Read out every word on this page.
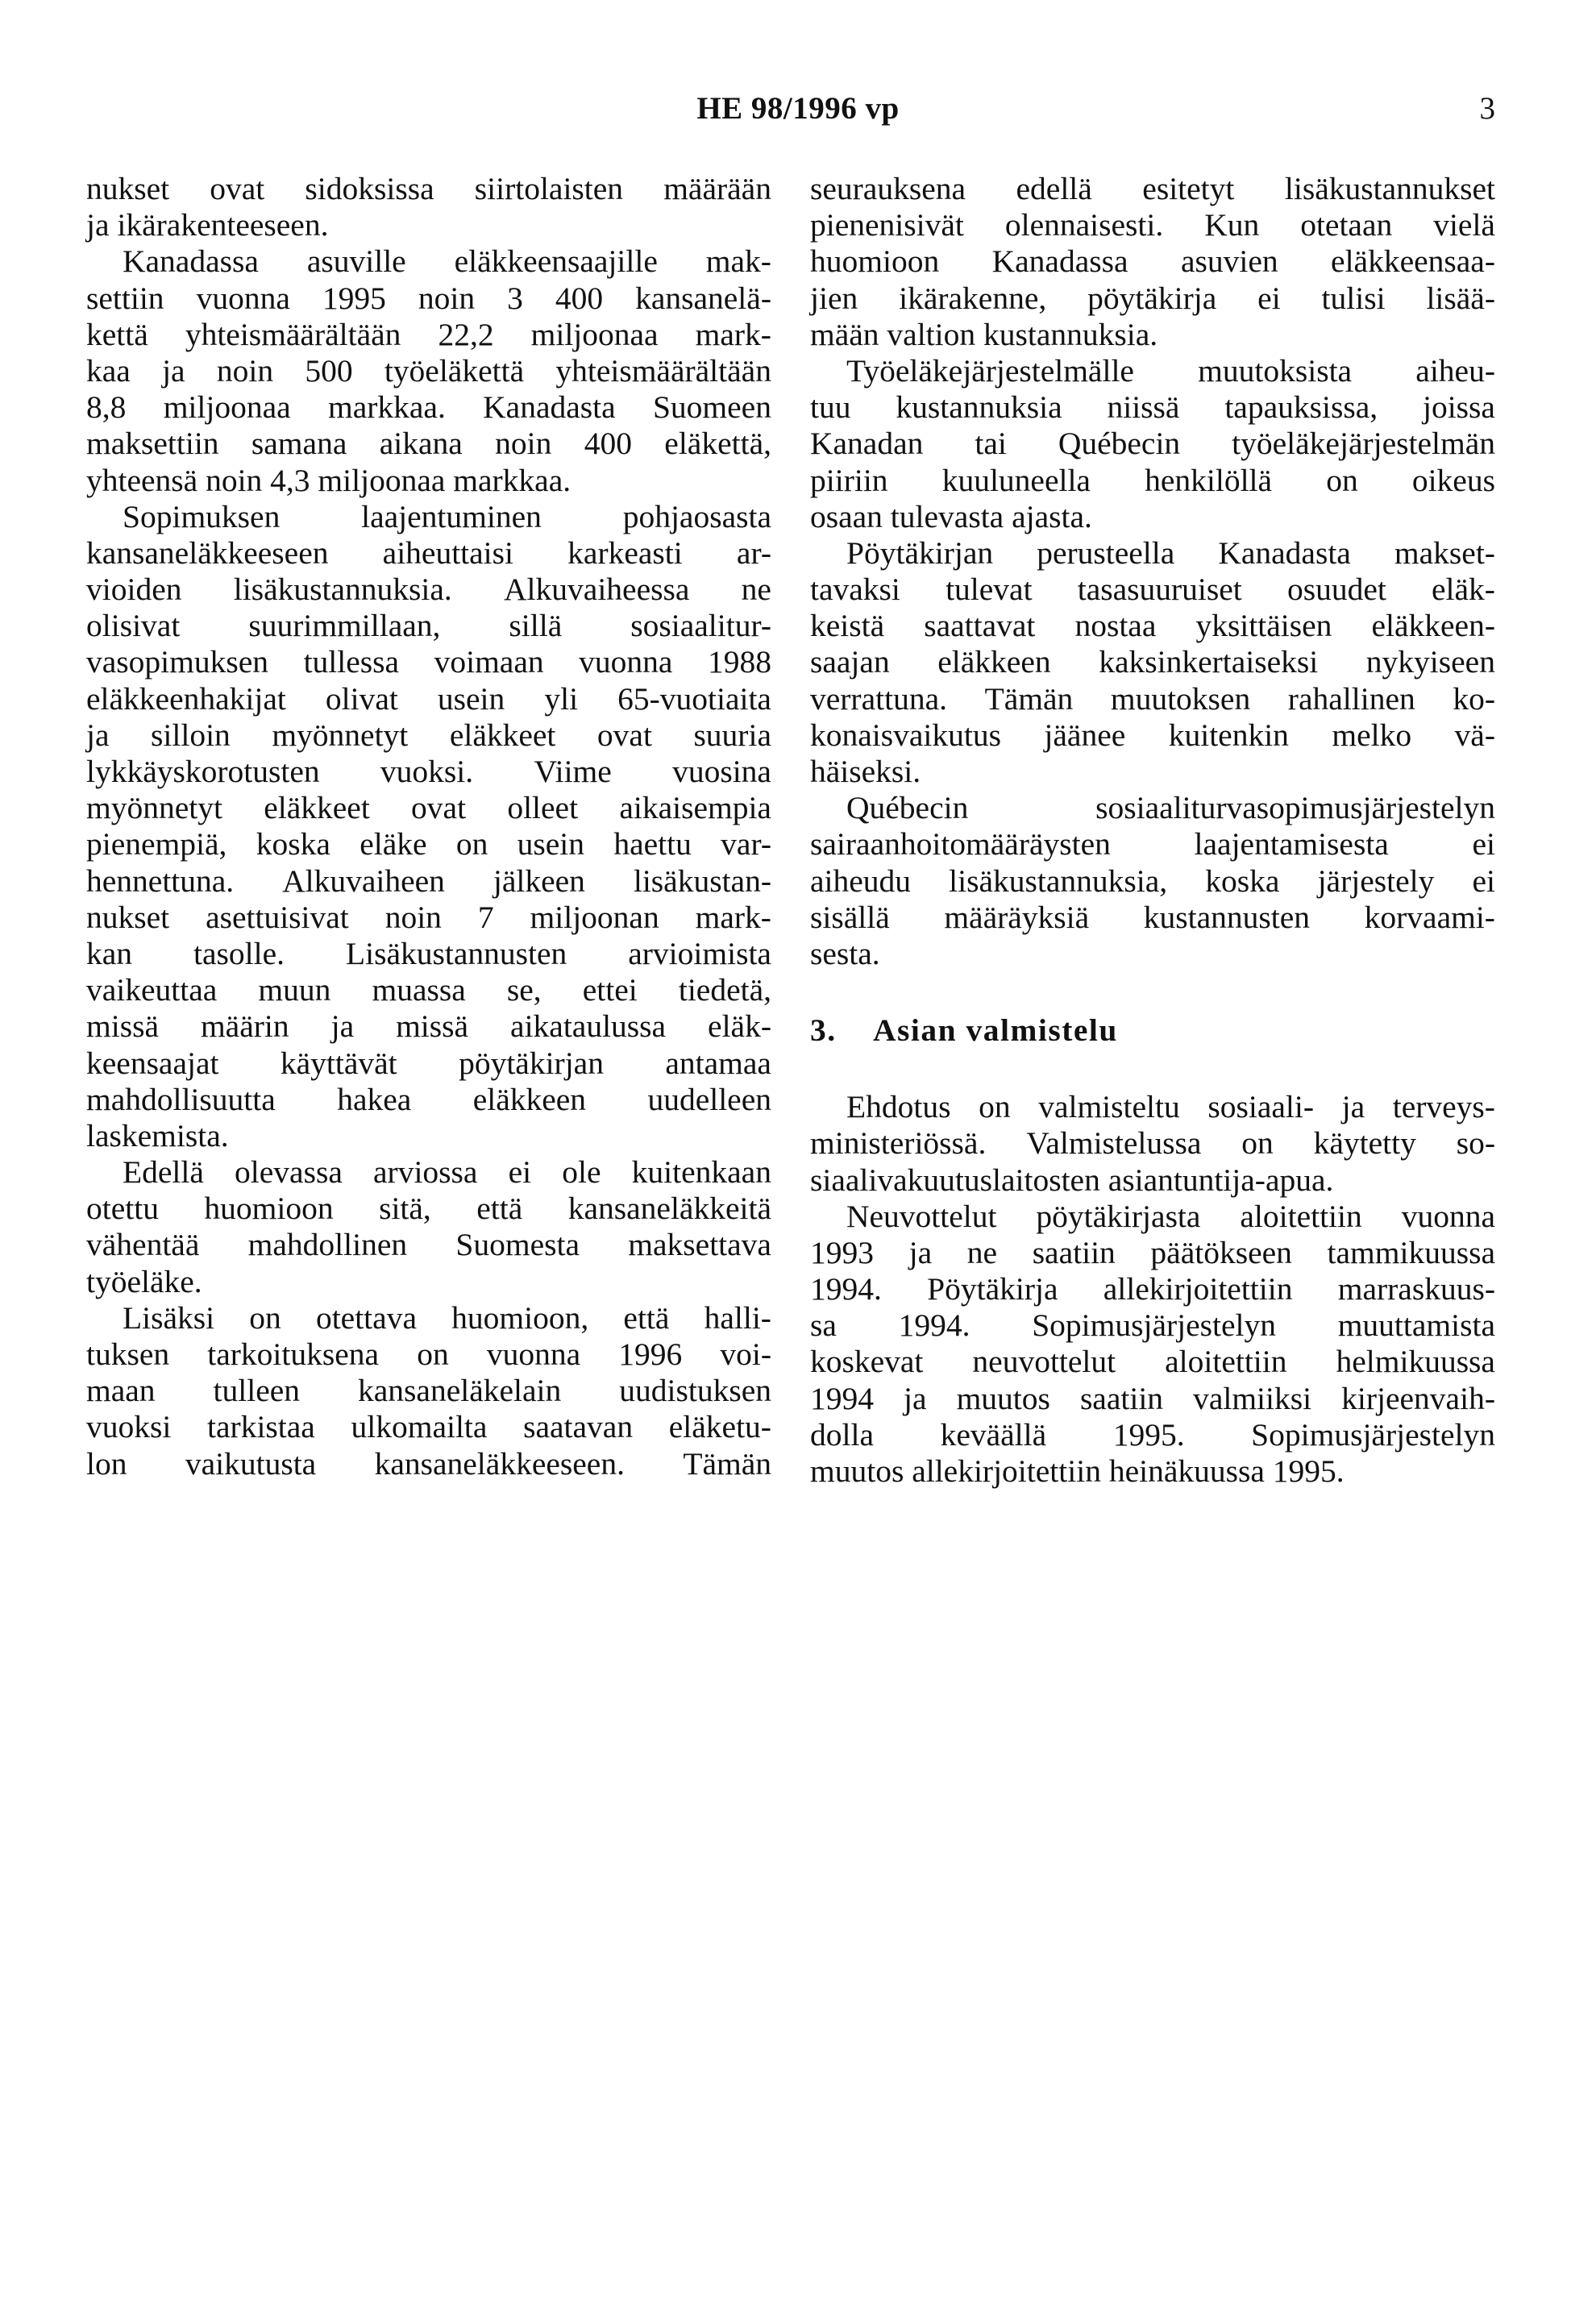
HE 98/1996 vp	3
nukset ovat sidoksissa siirtolaisten määrään
ja ikärakenteeseen.
Kanadassa asuville eläkkeensaajille mak-
settiin vuonna 1995 noin 3 400 kansanelä-
kettä yhteismäärältään 22,2 miljoonaa mark-
kaa ja noin 500 työeläkettä yhteismäärältään
8,8 miljoonaa markkaa. Kanadasta Suomeen
maksettiin samana aikana noin 400 eläkettä,
yhteensä noin 4,3 miljoonaa markkaa.
Sopimuksen	laajentuminen	pohjaosasta
kansaneläkkeeseen aiheuttaisi karkeasti ar-
vioiden lisäkustannuksia. Alkuvaiheessa ne
olisivat suurimmillaan, sillä sosiaalitur-
vasopimuksen tullessa voimaan vuonna 1988
eläkkeenhakijat olivat usein yli 65-vuotiaita
ja silloin myönnetyt eläkkeet ovat suuria
lykkäyskorotusten vuoksi. Viime vuosina
myönnetyt eläkkeet ovat olleet aikaisempia
pienempiä, koska eläke on usein haettu var-
hennettuna. Alkuvaiheen jälkeen lisäkustan-
nukset asettuisivat noin 7 miljoonan mark-
kan tasolle. Lisäkustannusten arvioimista
vaikeuttaa muun muassa se, ettei tiedetä,
missä määrin ja missä aikataulussa eläk-
keensaajat käyttävät pöytäkirjan antamaa
mahdollisuutta hakea eläkkeen uudelleen
laskemista.
Edellä olevassa arviossa ei ole kuitenkaan
otettu huomioon sitä, että kansaneläkkeitä
vähentää mahdollinen Suomesta maksettava
työeläke.
Lisäksi on otettava huomioon, että halli-
tuksen tarkoituksena on vuonna 1996 voi-
maan tulleen kansaneläkelain uudistuksen
vuoksi tarkistaa ulkomailta saatavan eläketu-
lon vaikutusta kansaneläkkeeseen. Tämän
seurauksena edellä esitetyt lisäkustannukset
pienenisivät olennaisesti. Kun otetaan vielä
huomioon Kanadassa asuvien eläkkeensaa-
jien ikärakenne, pöytäkirja ei tulisi lisää-
mään valtion kustannuksia.
Työeläkejärjestelmälle muutoksista aiheu-
tuu kustannuksia niissä tapauksissa, joissa
Kanadan tai Québecin työeläkejärjestelmän
piiriin kuuluneella henkilöllä on oikeus
osaan tulevasta ajasta.
Pöytäkirjan perusteella Kanadasta makset-
tavaksi tulevat tasasuuruiset osuudet eläk-
keistä saattavat nostaa yksittäisen eläkkeen-
saajan eläkkeen kaksinkertaiseksi nykyiseen
verrattuna. Tämän muutoksen rahallinen ko-
konaisvaikutus jäänee kuitenkin melko vä-
häiseksi.
Québecin	sosiaaliturvasopimusjärjestelyn
sairaanhoitomääräysten	laajentamisesta	ei
aiheudu lisäkustannuksia, koska järjestely ei
sisällä määräyksiä kustannusten korvaami-
sesta.
3. Asian valmistelu
Ehdotus on valmisteltu sosiaali- ja terveys-
ministeriössä. Valmistelussa on käytetty so-
siaalivakuutuslaitosten asiantuntija-apua.
Neuvottelut pöytäkirjasta aloitettiin vuonna
1993 ja ne saatiin päätökseen tammikuussa
1994. Pöytäkirja allekirjoitettiin marraskuus-
sa 1994. Sopimusjärjestelyn muuttamista
koskevat neuvottelut aloitettiin helmikuussa
1994 ja muutos saatiin valmiiksi kirjeenvaih-
dolla keväällä 1995. Sopimusjärjestelyn
muutos allekirjoitettiin heinäkuussa 1995.
